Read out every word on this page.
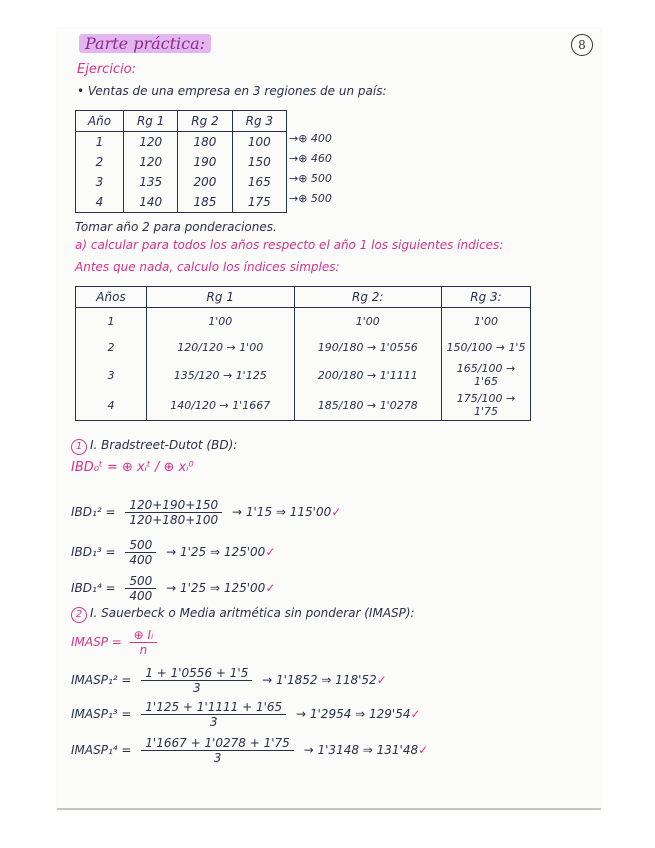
Parte práctica:	8
Ejercicio:
• Ventas de una empresa en 3 regiones de un país:
Año	Rg 1	Rg 2	Rg 3
1	120	180	100
2	120	190	150
3	135	200	165
4	140	185	175
→⊕ 400
→⊕ 460
→⊕ 500
→⊕ 500
Tomar año 2 para ponderaciones.
a) calcular para todos los años respecto el año 1 los siguientes índices:
Antes que nada, calculo los índices simples:
Años	Rg 1	Rg 2:	Rg 3:
1	1'00	1'00	1'00
2	120/120 → 1'00	190/180 → 1'0556	150/100 → 1'5
3	135/120 → 1'125	200/180 → 1'1111	165/100 → 1'65
4	140/120 → 1'1667	185/180 → 1'0278	175/100 → 1'75
1 I. Bradstreet-Dutot (BD):
IBD₀ᵗ = ⊕ xᵢᵗ / ⊕ xᵢ⁰
$IBD_1^2 = \frac{120+190+150}{120+180+100} \to 1'15$ ⇒ 115'00✓
$IBD_1^3 = \frac{500}{400} \to 1'25$ ⇒ 125'00✓
$IBD_1^4 = \frac{500}{400} \to 1'25$ ⇒ 125'00✓
2 I. Sauerbeck o Media aritmética sin ponderar (IMASP):
IMASP = $\frac{\text{⊕ Iᵢ}}{n}$
IMASP₁² = $\frac{1 + 1'0556 + 1'5}{3} \to 1'1852$ ⇒ 118'52✓
IMASP₁³ = $\frac{1'125 + 1'1111 + 1'65}{3} \to 1'2954$ ⇒ 129'54✓
IMASP₁⁴ = $\frac{1'1667 + 1'0278 + 1'75}{3} \to 1'3148$ ⇒ 131'48✓
